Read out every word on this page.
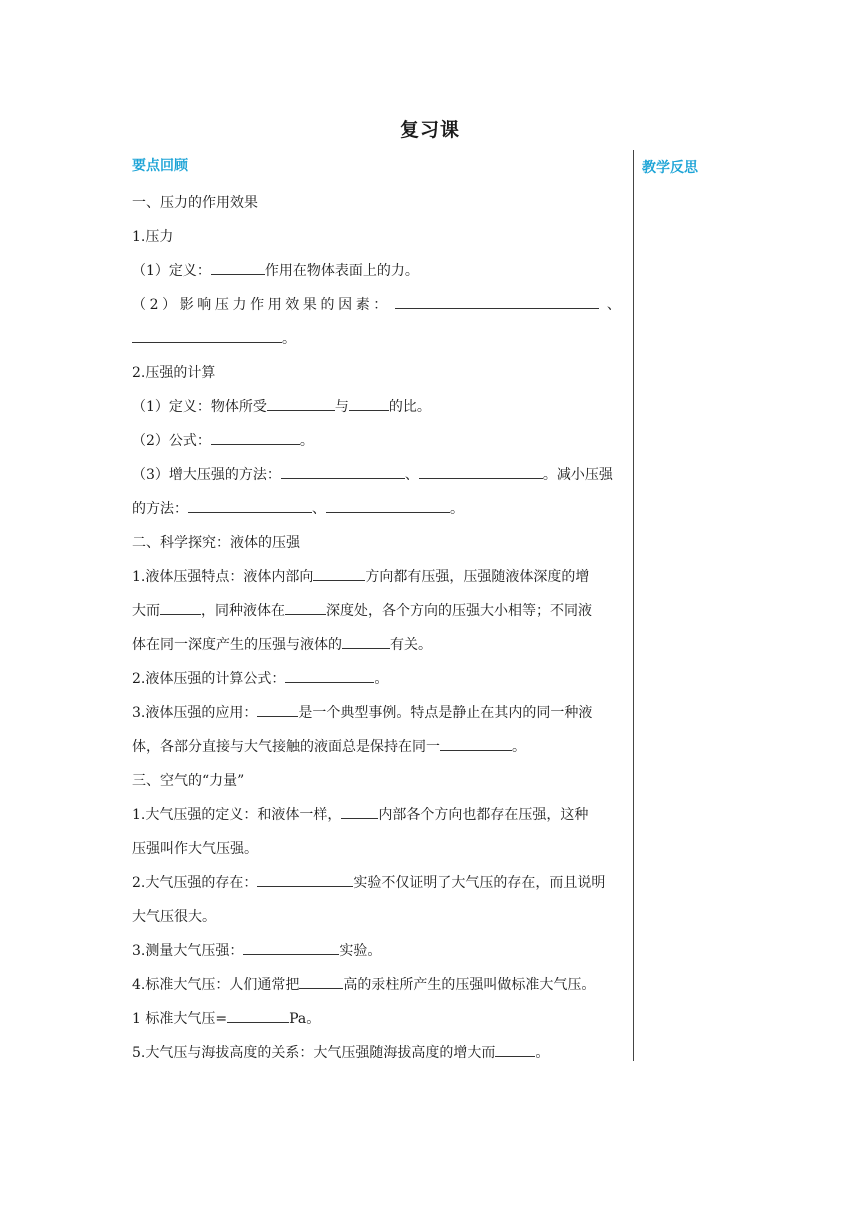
复习课
教学反思
要点回顾

一、压力的作用效果

1.压力

（1）定义：	作用在物体表面上的力。

（2）影响压力作用效果的因素：	、

。

2.压强的计算

（1）定义：物体所受	与	的比。

（2）公式：	。

（3）增大压强的方法：	、	。减小压强

的方法：	、	。

二、科学探究：液体的压强

1.液体压强特点：液体内部向	方向都有压强，压强随液体深度的增

大而	，同种液体在	深度处，各个方向的压强大小相等；不同液

体在同一深度产生的压强与液体的	有关。

2.液体压强的计算公式：	。

3.液体压强的应用：	是一个典型事例。特点是静止在其内的同一种液

体，各部分直接与大气接触的液面总是保持在同一	。

三、空气的“力量”

1.大气压强的定义：和液体一样，	内部各个方向也都存在压强，这种

压强叫作大气压强。

2.大气压强的存在：	实验不仅证明了大气压的存在，而且说明

大气压很大。

3.测量大气压强：	实验。

4.标准大气压：人们通常把	高的汞柱所产生的压强叫做标准大气压。

1 标准大气压=	Pa。

5.大气压与海拔高度的关系：大气压强随海拔高度的增大而	。
